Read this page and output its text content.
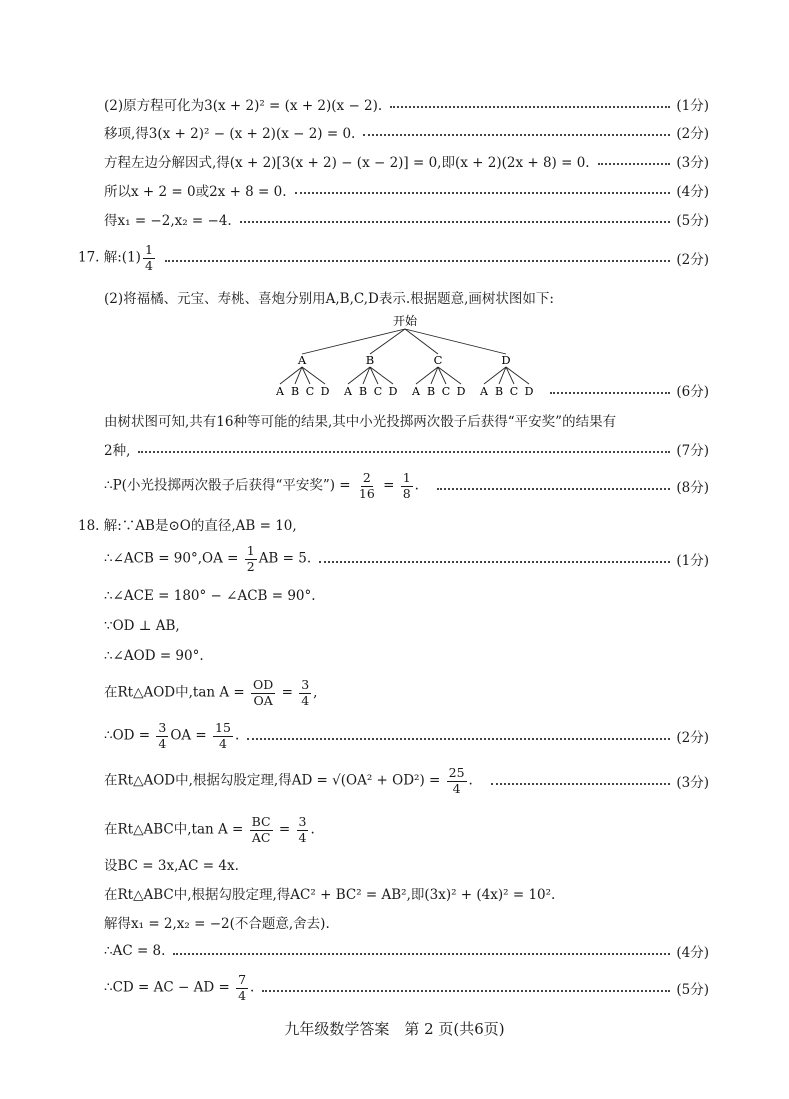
(2)原方程可化为3(x + 2)² = (x + 2)(x − 2).	(1分)
移项,得3(x + 2)² − (x + 2)(x − 2) = 0.	(2分)
方程左边分解因式,得(x + 2)[3(x + 2) − (x − 2)] = 0,即(x + 2)(2x + 8) = 0.	(3分)
所以x + 2 = 0或2x + 8 = 0.	(4分)
得x₁ = −2,x₂ = −4.	(5分)
17. 解:(1) $\frac{1}{4}$	(2分)
(2)将福橘、元宝、寿桃、喜炮分别用A,B,C,D表示.根据题意,画树状图如下:
开始
A	B	C	D
A B C D A B C D A B C D A B C D	(6分)
由树状图可知,共有16种等可能的结果,其中小光投掷两次骰子后获得“平安奖”的结果有
2种,	(7分)
∴P(小光投掷两次骰子后获得“平安奖”) = $\frac{2}{16} = \frac{1}{8}$ .	(8分)
18. 解:∵AB是⊙O的直径,AB = 10,
∴∠ACB = $90^\circ,OA = \frac{1}{2}$ AB = 5.	(1分)
∴∠ACE = 180° − ∠ACB = 90°.
∵OD ⊥ AB,
∴∠AOD = 90°.
在Rt△AOD中,tan $A = \frac{OD}{OA} = \frac{3}{4}$ ,
∴OD = $\frac{3}{4}$ OA = $\frac{15}{4}$ .	(2分)
在Rt△AOD中,根据勾股定理,得AD = $√(OA^2 + OD^2) = \frac{25}{4}$ .	(3分)
在Rt△ABC中,tan $A = \frac{BC}{AC} = \frac{3}{4}$ .
设BC = 3x,AC = 4x.
在Rt△ABC中,根据勾股定理,得AC² + BC² = AB²,即(3x)² + (4x)² = 10².
解得x₁ = 2,x₂ = −2(不合题意,舍去).
∴AC = 8.	(4分)
∴CD = AC − AD = $\frac{7}{4}$ .	(5分)
九年级数学答案　第 2 页(共6页)
